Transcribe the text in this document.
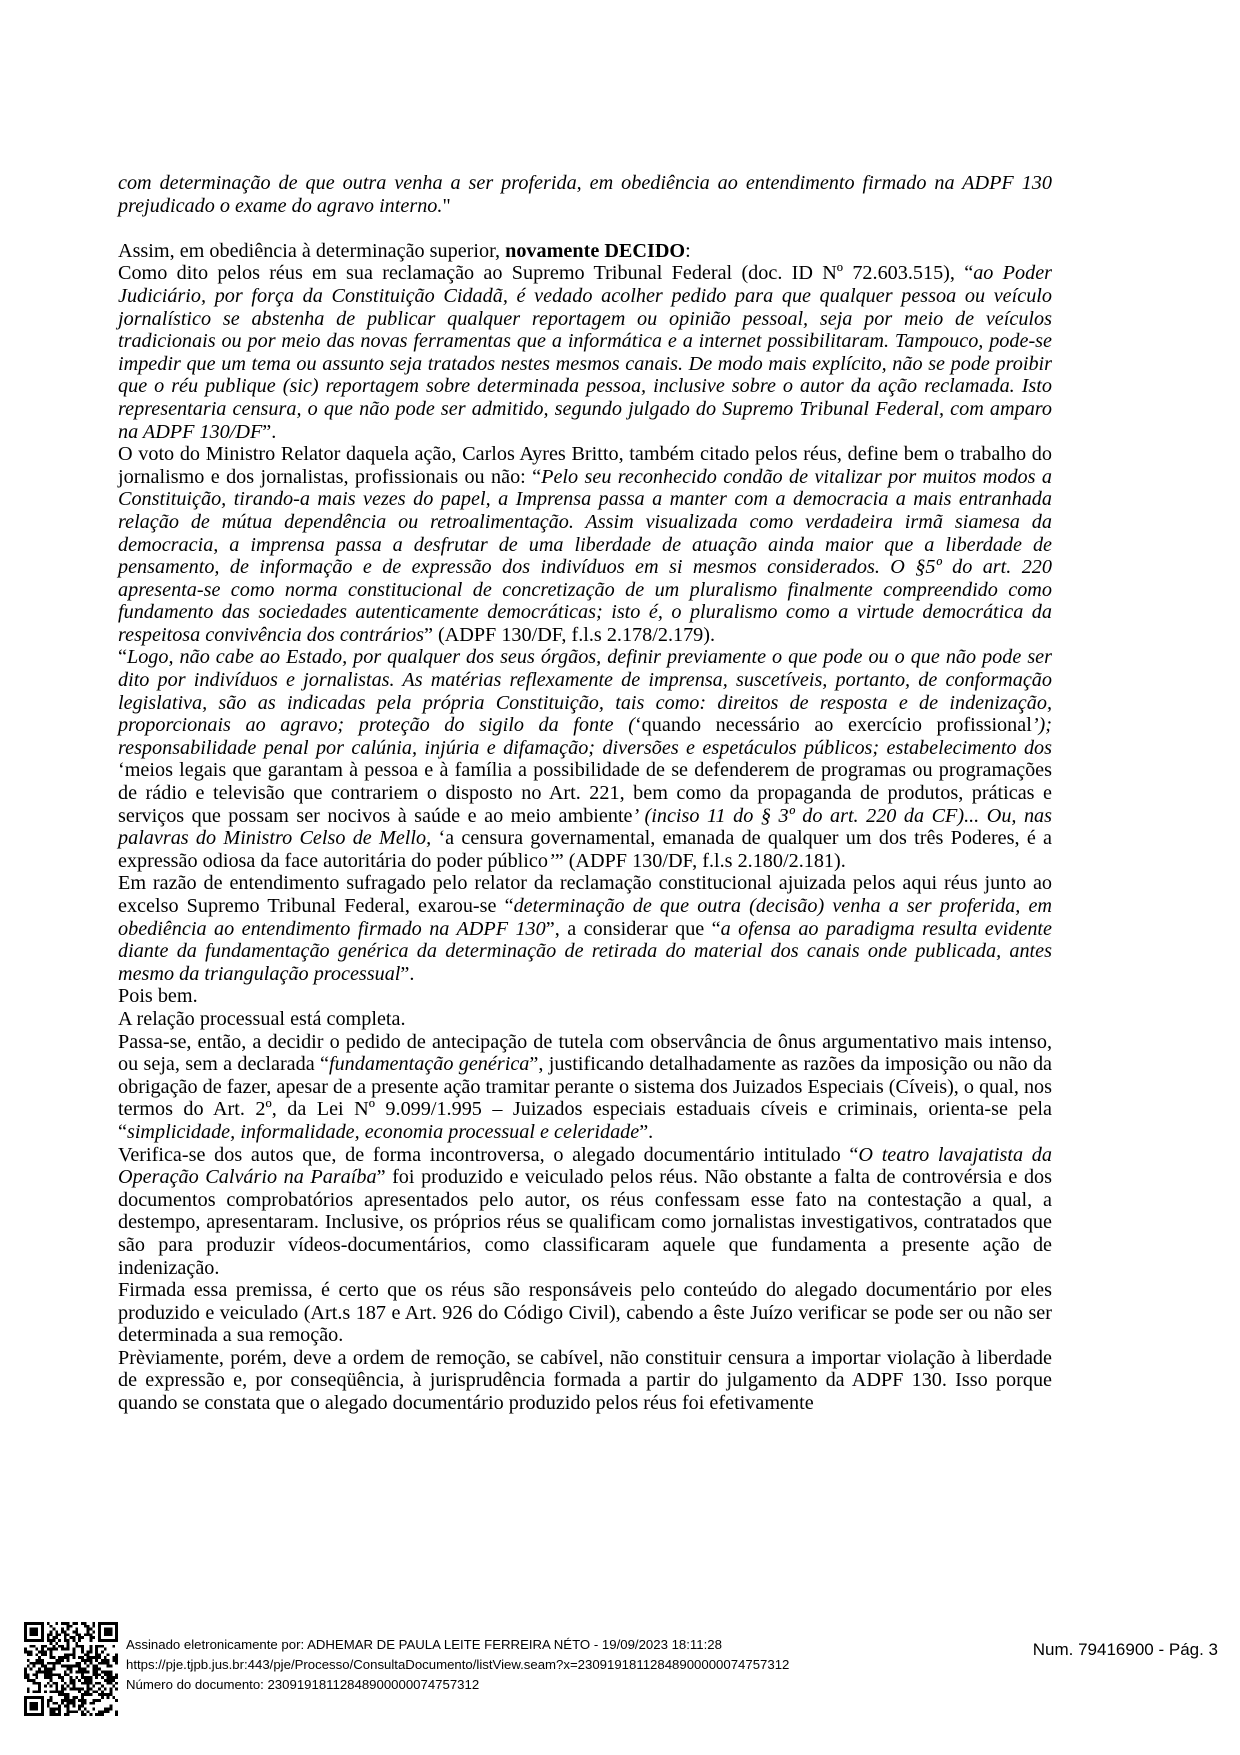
com determinação de que outra venha a ser proferida, em obediência ao entendimento firmado na ADPF 130 prejudicado o exame do agravo interno."

Assim, em obediência à determinação superior, novamente DECIDO:

Como dito pelos réus em sua reclamação ao Supremo Tribunal Federal (doc. ID Nº 72.603.515), “ao Poder Judiciário, por força da Constituição Cidadã, é vedado acolher pedido para que qualquer pessoa ou veículo jornalístico se abstenha de publicar qualquer reportagem ou opinião pessoal, seja por meio de veículos tradicionais ou por meio das novas ferramentas que a informática e a internet possibilitaram. Tampouco, pode-se impedir que um tema ou assunto seja tratados nestes mesmos canais. De modo mais explícito, não se pode proibir que o réu publique (sic) reportagem sobre determinada pessoa, inclusive sobre o autor da ação reclamada. Isto representaria censura, o que não pode ser admitido, segundo julgado do Supremo Tribunal Federal, com amparo na ADPF 130/DF”.

O voto do Ministro Relator daquela ação, Carlos Ayres Britto, também citado pelos réus, define bem o trabalho do jornalismo e dos jornalistas, profissionais ou não: “Pelo seu reconhecido condão de vitalizar por muitos modos a Constituição, tirando-a mais vezes do papel, a Imprensa passa a manter com a democracia a mais entranhada relação de mútua dependência ou retroalimentação. Assim visualizada como verdadeira irmã siamesa da democracia, a imprensa passa a desfrutar de uma liberdade de atuação ainda maior que a liberdade de pensamento, de informação e de expressão dos indivíduos em si mesmos considerados. O §5º do art. 220 apresenta-se como norma constitucional de concretização de um pluralismo finalmente compreendido como fundamento das sociedades autenticamente democráticas; isto é, o pluralismo como a virtude democrática da respeitosa convivência dos contrários” (ADPF 130/DF, f.l.s 2.178/2.179).

“Logo, não cabe ao Estado, por qualquer dos seus órgãos, definir previamente o que pode ou o que não pode ser dito por indivíduos e jornalistas. As matérias reflexamente de imprensa, suscetíveis, portanto, de conformação legislativa, são as indicadas pela própria Constituição, tais como: direitos de resposta e de indenização, proporcionais ao agravo; proteção do sigilo da fonte (‘quando necessário ao exercício profissional’); responsabilidade penal por calúnia, injúria e difamação; diversões e espetáculos públicos; estabelecimento dos ‘meios legais que garantam à pessoa e à família a possibilidade de se defenderem de programas ou programações de rádio e televisão que contrariem o disposto no Art. 221, bem como da propaganda de produtos, práticas e serviços que possam ser nocivos à saúde e ao meio ambiente’ (inciso 11 do § 3º do art. 220 da CF)... Ou, nas palavras do Ministro Celso de Mello, ‘a censura governamental, emanada de qualquer um dos três Poderes, é a expressão odiosa da face autoritária do poder público’” (ADPF 130/DF, f.l.s 2.180/2.181).

Em razão de entendimento sufragado pelo relator da reclamação constitucional ajuizada pelos aqui réus junto ao excelso Supremo Tribunal Federal, exarou-se “determinação de que outra (decisão) venha a ser proferida, em obediência ao entendimento firmado na ADPF 130”, a considerar que “a ofensa ao paradigma resulta evidente diante da fundamentação genérica da determinação de retirada do material dos canais onde publicada, antes mesmo da triangulação processual”.

Pois bem.

A relação processual está completa.

Passa-se, então, a decidir o pedido de antecipação de tutela com observância de ônus argumentativo mais intenso, ou seja, sem a declarada “fundamentação genérica”, justificando detalhadamente as razões da imposição ou não da obrigação de fazer, apesar de a presente ação tramitar perante o sistema dos Juizados Especiais (Cíveis), o qual, nos termos do Art. 2º, da Lei Nº 9.099/1.995 – Juizados especiais estaduais cíveis e criminais, orienta-se pela “simplicidade, informalidade, economia processual e celeridade”.

Verifica-se dos autos que, de forma incontroversa, o alegado documentário intitulado “O teatro lavajatista da Operação Calvário na Paraíba” foi produzido e veiculado pelos réus. Não obstante a falta de controvérsia e dos documentos comprobatórios apresentados pelo autor, os réus confessam esse fato na contestação a qual, a destempo, apresentaram. Inclusive, os próprios réus se qualificam como jornalistas investigativos, contratados que são para produzir vídeos-documentários, como classificaram aquele que fundamenta a presente ação de indenização.

Firmada essa premissa, é certo que os réus são responsáveis pelo conteúdo do alegado documentário por eles produzido e veiculado (Art.s 187 e Art. 926 do Código Civil), cabendo a êste Juízo verificar se pode ser ou não ser determinada a sua remoção.

Prèviamente, porém, deve a ordem de remoção, se cabível, não constituir censura a importar violação à liberdade de expressão e, por conseqüência, à jurisprudência formada a partir do julgamento da ADPF 130. Isso porque quando se constata que o alegado documentário produzido pelos réus foi efetivamente

Assinado eletronicamente por: ADHEMAR DE PAULA LEITE FERREIRA NÉTO - 19/09/2023 18:11:28
https://pje.tjpb.jus.br:443/pje/Processo/ConsultaDocumento/listView.seam?x=23091918112848900000074757312
Número do documento: 23091918112848900000074757312
Num. 79416900 - Pág. 3
